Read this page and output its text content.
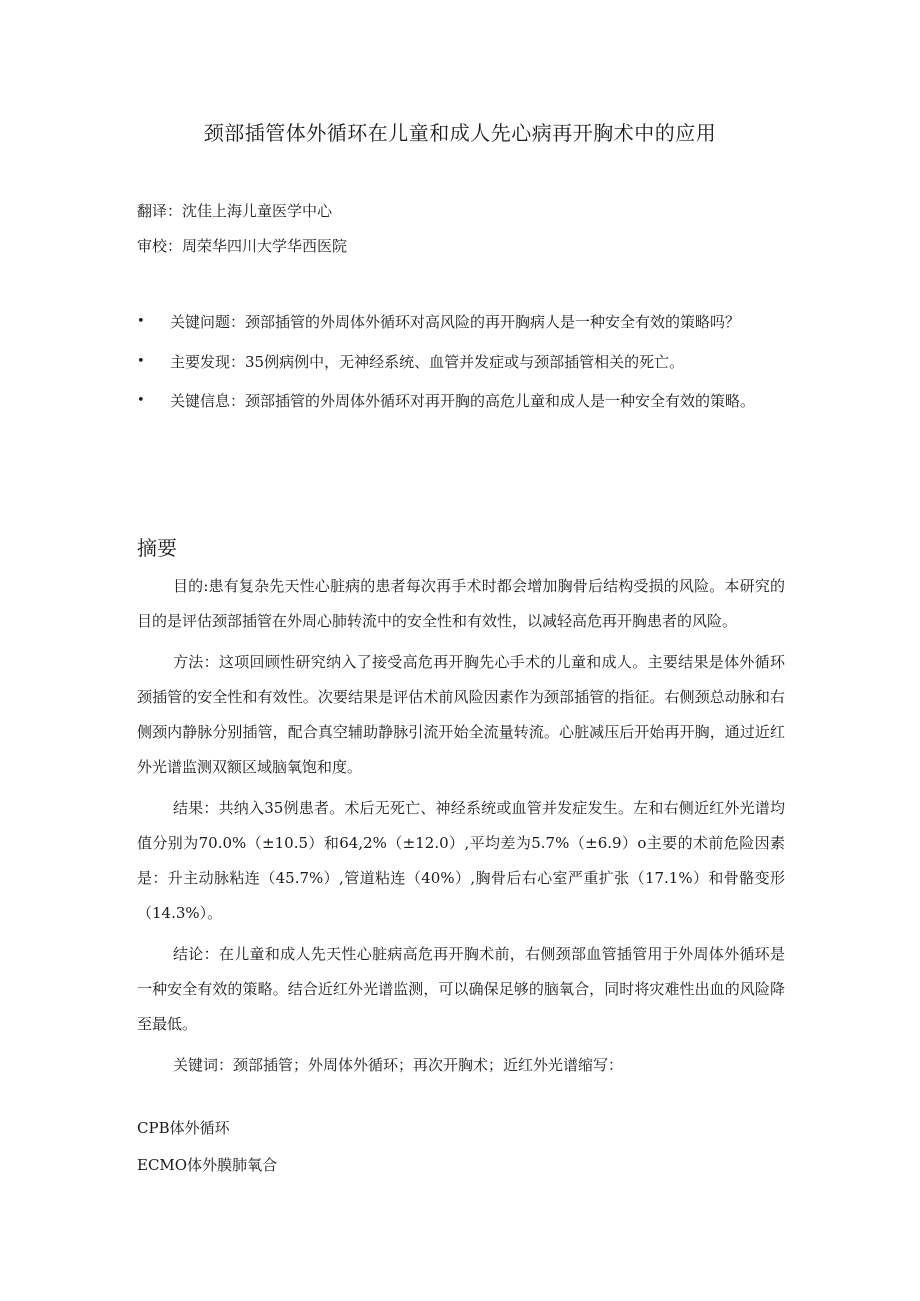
颈部插管体外循环在儿童和成人先心病再开胸术中的应用
翻译：沈佳上海儿童医学中心
审校：周荣华四川大学华西医院
• 关键问题：颈部插管的外周体外循环对高风险的再开胸病人是一种安全有效的策略吗？
• 主要发现：35例病例中，无神经系统、血管并发症或与颈部插管相关的死亡。
• 关键信息：颈部插管的外周体外循环对再开胸的高危儿童和成人是一种安全有效的策略。
摘要

目的:患有复杂先天性心脏病的患者每次再手术时都会增加胸骨后结构受损的风险。本研究的目的是评估颈部插管在外周心肺转流中的安全性和有效性，以减轻高危再开胸患者的风险。

方法：这项回顾性研究纳入了接受高危再开胸先心手术的儿童和成人。主要结果是体外循环颈插管的安全性和有效性。次要结果是评估术前风险因素作为颈部插管的指征。右侧颈总动脉和右侧颈内静脉分别插管，配合真空辅助静脉引流开始全流量转流。心脏减压后开始再开胸，通过近红外光谱监测双额区域脑氧饱和度。

结果：共纳入35例患者。术后无死亡、神经系统或血管并发症发生。左和右侧近红外光谱均值分别为70.0%（±10.5）和64,2%（±12.0）,平均差为5.7%（±6.9）o主要的术前危险因素是：升主动脉粘连（45.7%）,管道粘连（40%）,胸骨后右心室严重扩张（17.1%）和骨骼变形（14.3%）。

结论：在儿童和成人先天性心脏病高危再开胸术前，右侧颈部血管插管用于外周体外循环是一种安全有效的策略。结合近红外光谱监测，可以确保足够的脑氧合，同时将灾难性出血的风险降至最低。

关键词：颈部插管；外周体外循环；再次开胸术；近红外光谱缩写：

CPB体外循环
ECMO体外膜肺氧合
